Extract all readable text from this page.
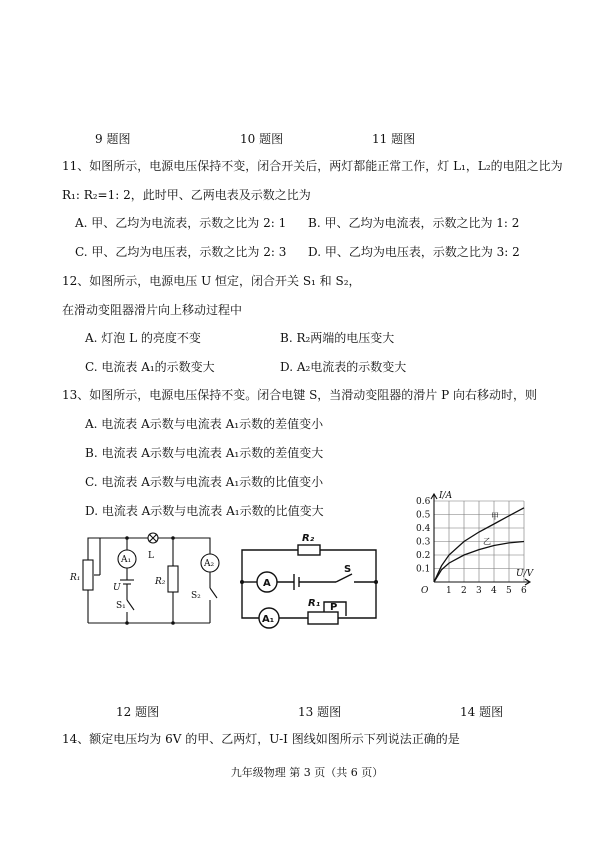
9 题图	10 题图	11 题图
11、如图所示，电源电压保持不变，闭合开关后，两灯都能正常工作，灯 L₁，L₂的电阻之比为
R₁: R₂=1: 2，此时甲、乙两电表及示数之比为
A. 甲、乙均为电流表，示数之比为 2: 1 B. 甲、乙均为电流表，示数之比为 1: 2
C. 甲、乙均为电压表，示数之比为 2: 3 D. 甲、乙均为电压表，示数之比为 3: 2
12、如图所示，电源电压 U 恒定，闭合开关 S₁ 和 S₂，
在滑动变阻器滑片向上移动过程中
A. 灯泡 L 的亮度不变	B. R₂两端的电压变大
C. 电流表 A₁的示数变大	D. A₂电流表的示数变大
13、如图所示，电源电压保持不变。闭合电键 S，当滑动变阻器的滑片 P 向右移动时，则
A. 电流表 A示数与电流表 A₁示数的差值变小
B. 电流表 A示数与电流表 A₁示数的差值变大
C. 电流表 A示数与电流表 A₁示数的比值变小
D. 电流表 A示数与电流表 A₁示数的比值变大
R₁
A₁ L
U
S₁
R₂
A₂
S₂
R₂
A
S
A₁
R₁ P
1 2 3 4 5 6
0.1
0.2
0.3
0.4
0.5
0.6
I/A
U/V
O
甲
乙
12 题图	13 题图	14 题图
14、额定电压均为 6V 的甲、乙两灯，U-I 图线如图所示下列说法正确的是
九年级物理 第 3 页（共 6 页）
